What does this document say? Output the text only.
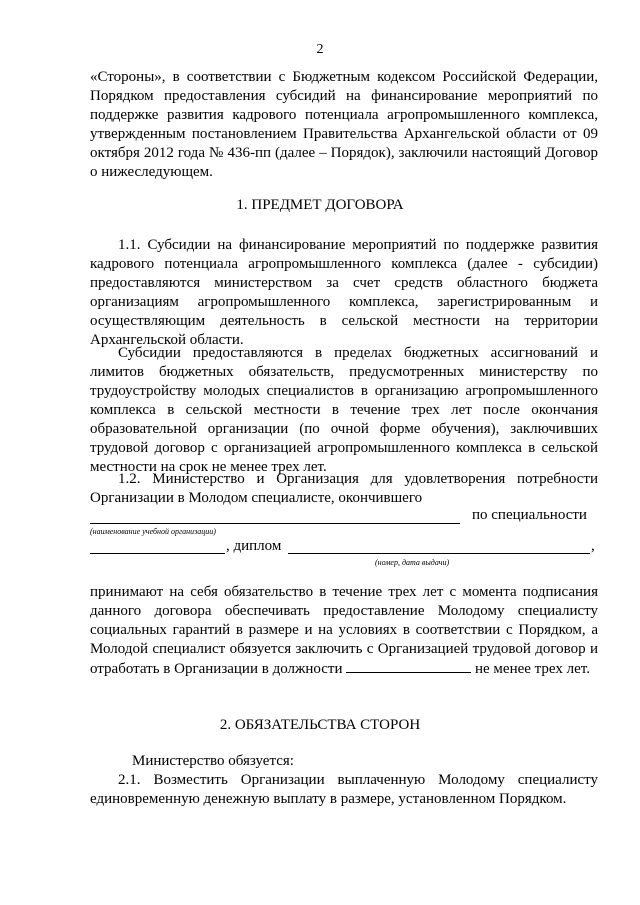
2

«Стороны», в соответствии с Бюджетным кодексом Российской Федерации, Порядком предоставления субсидий на финансирование мероприятий по поддержке развития кадрового потенциала агропромышленного комплекса, утвержденным постановлением Правительства Архангельской области от 09 октября 2012 года № 436-пп (далее – Порядок), заключили настоящий Договор о нижеследующем.

1. ПРЕДМЕТ ДОГОВОРА

1.1. Субсидии на финансирование мероприятий по поддержке развития кадрового потенциала агропромышленного комплекса (далее - субсидии) предоставляются министерством за счет средств областного бюджета организациям агропромышленного комплекса, зарегистрированным и осуществляющим деятельность в сельской местности на территории Архангельской области.

Субсидии предоставляются в пределах бюджетных ассигнований и лимитов бюджетных обязательств, предусмотренных министерству по трудоустройству молодых специалистов в организацию агропромышленного комплекса в сельской местности в течение трех лет после окончания образовательной организации (по очной форме обучения), заключивших трудовой договор с организацией агропромышленного комплекса в сельской местности на срок не менее трех лет.

1.2. Министерство и Организация для удовлетворения потребности Организации в Молодом специалисте, окончившего

по специальности
(наименование учебной организации)
, диплом	,
(номер, дата выдачи)

принимают на себя обязательство в течение трех лет с момента подписания данного договора обеспечивать предоставление Молодому специалисту социальных гарантий в размере и на условиях в соответствии с Порядком, а Молодой специалист обязуется заключить с Организацией трудовой договор и отработать в Организации в должности	не менее трех лет.

2. ОБЯЗАТЕЛЬСТВА СТОРОН

Министерство обязуется:

2.1. Возместить Организации выплаченную Молодому специалисту единовременную денежную выплату в размере, установленном Порядком.
